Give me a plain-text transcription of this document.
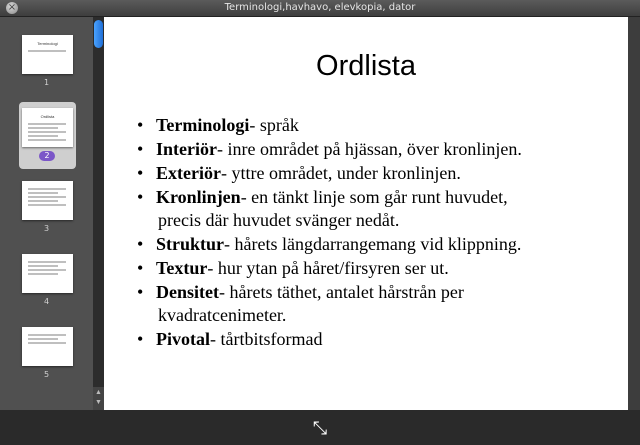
×	Terminologi,havhavo, elevkopia, dator
Terminologi
1
Ordlista
2
3
4
5
▲
▼
Ordlista
• Terminologi- språk
• Interiör- inre området på hjässan, över kronlinjen.
• Exteriör- yttre området, under kronlinjen.
• Kronlinjen- en tänkt linje som går runt huvudet,
precis där huvudet svänger nedåt.
• Struktur- hårets längdarrangemang vid klippning.
• Textur- hur ytan på håret/firsyren ser ut.
• Densitet- hårets täthet, antalet hårstrån per
kvadratcenimeter.
• Pivotal- tårtbitsformad
⤡
